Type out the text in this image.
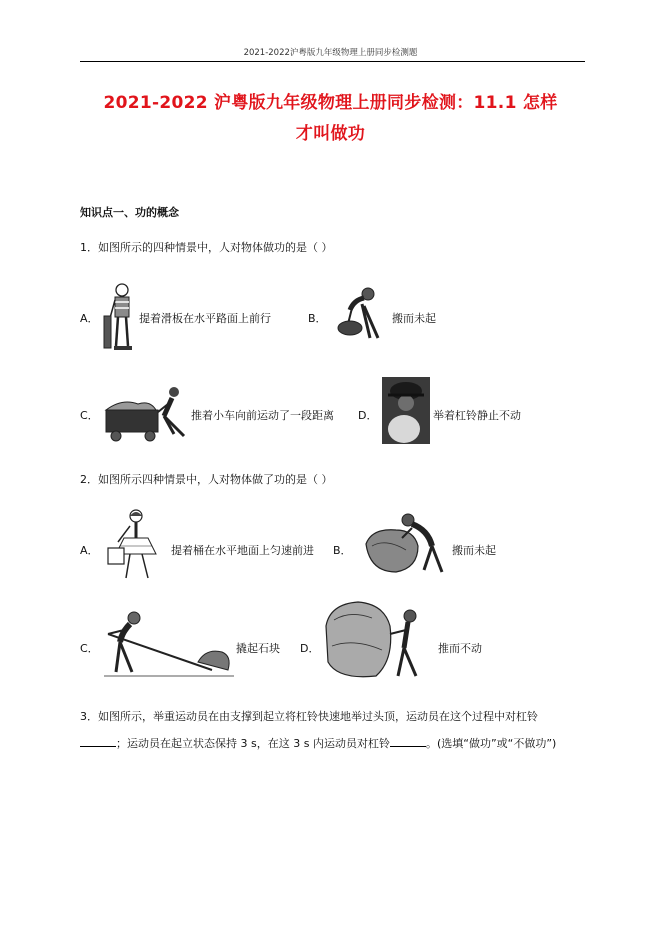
2021-2022沪粤版九年级物理上册同步检测题
2021-2022 沪粤版九年级物理上册同步检测：11.1 怎样
才叫做功
知识点一、功的概念
1．如图所示的四种情景中，人对物体做功的是（ ）
A．	提着滑板在水平路面上前行	B．	搬而未起
C．	推着小车向前运动了一段距离 D．	举着杠铃静止不动
2．如图所示四种情景中，人对物体做了功的是（ ）
A．	提着桶在水平地面上匀速前进 B．	搬而未起
C．	撬起石块 D．	推而不动
3．如图所示，举重运动员在由支撑到起立将杠铃快速地举过头顶，运动员在这个过程中对杠铃
；运动员在起立状态保持 3 s，在这 3 s 内运动员对杠铃	。(选填“做功”或“不做功”)
